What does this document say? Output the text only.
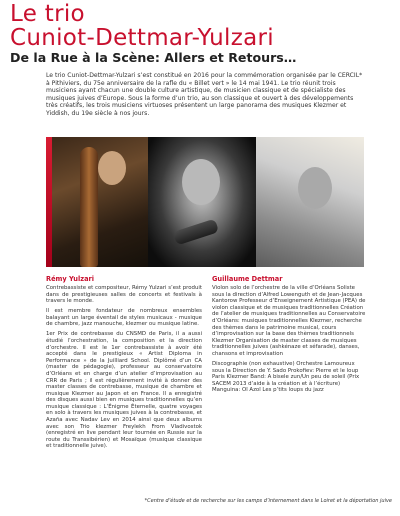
Le trio
Cuniot-Dettmar-Yulzari
De la Rue à la Scène: Allers et Retours…

Le trio Cuniot-Dettmar-Yulzari s’est constitué en 2016 pour la commémoration organisée par le CERCIL* à Pithiviers, du 75e anniversaire de la rafle du « Billet vert » le 14 mai 1941. Le trio réunit trois musiciens ayant chacun une double culture artistique, de musicien classique et de spécialiste des musiques juives d’Europe. Sous la forme d’un trio, au son classique et ouvert à des développements très créatifs, les trois musiciens virtuoses présentent un large panorama des musiques Klezmer et Yiddish, du 19e siècle à nos jours.

Rémy Yulzari

Contrebassiste et compositeur, Rémy Yulzari s’est produit dans de prestigieuses salles de concerts et festivals à travers le monde.

Il est membre fondateur de nombreux ensembles balayant un large éventail de styles musicaux - musique de chambre, jazz manouche, klezmer ou musique latine.

1er Prix de contrebasse du CNSMD de Paris, il a aussi étudié l’orchestration, la composition et la direction d’orchestre. Il est le 1er contrebassiste à avoir été accepté dans le prestigieux « Artist Diploma in Performance » de la Juilliard School. Diplômé d’un CA (master de pédagogie), professeur au conservatoire d’Orléans et en charge d’un atelier d’improvisation au CRR de Paris ; il est régulièrement invité à donner des master classes de contrebasse, musique de chambre et musique Klezmer au Japon et en France. Il a enregistré des disques aussi bien en musiques traditionnelles qu’en musique classique : L’Énigme Éternelle, quatre voyages en solo à travers les musiques juives à la contrebasse, et Azaña avec Nadav Lev en 2014 ainsi que deux albums avec son Trio klezmer Freylekh From Vladivostok (enregistré en live pendant leur tournée en Russie sur la route du Transsibérien) et Mosaïque (musique classique et traditionnelle juive).

Guillaume Dettmar

Violon solo de l’orchestre de la ville d’Orléans Soliste sous la direction d’Alfred Lowenguth et de Jean-Jacques Kantorow Professeur d’Enseignement Artistique (PEA) de violon classique et de musiques traditionnelles Création de l’atelier de musiques traditionnelles au Conservatoire d’Orléans: musiques traditionnelles Klezmer, recherche des thèmes dans le patrimoine musical, cours d’improvisation sur la base des thèmes traditionnels Klezmer Organisation de master classes de musiques traditionnelles juives (ashkénaze et séfarade), danses, chansons et improvisation

Discographie (non exhaustive) Orchestre Lamoureux sous la Direction de Y. Sado Prokofiev: Pierre et le loup Paris Klezmer Band: A bisele zun/Un peu de soleil (Prix SACEM 2013 d’aide à la création et à l’écriture) Manguina: Oï Azoï Les p’tits loups du jazz

*Centre d’étude et de recherche sur les camps d’internement dans le Loiret et la déportation juive
